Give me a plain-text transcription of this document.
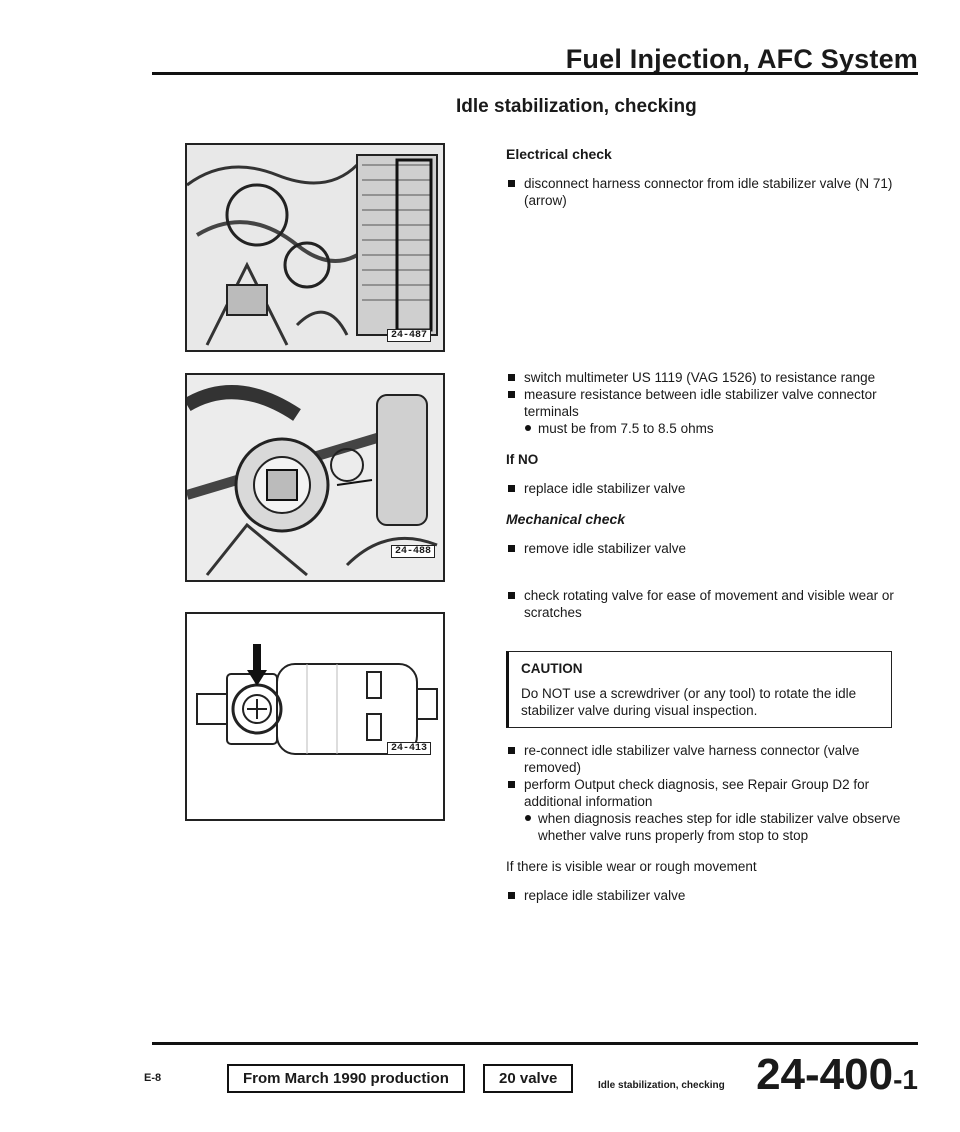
Fuel Injection, AFC System
Idle stabilization, checking
24-487
24-488
24-413

Electrical check

disconnect harness connector from idle stabilizer valve (N 71) (arrow)

switch multimeter US 1119 (VAG 1526) to resistance range

measure resistance between idle stabilizer valve connector terminals

must be from 7.5 to 8.5 ohms

If NO

replace idle stabilizer valve

Mechanical check

remove idle stabilizer valve

check rotating valve for ease of movement and visible wear or scratches

CAUTION
Do NOT use a screwdriver (or any tool) to rotate the idle stabilizer valve during visual inspection.

re-connect idle stabilizer valve harness connector (valve removed)

perform Output check diagnosis, see Repair Group D2 for additional information

when diagnosis reaches step for idle stabilizer valve observe whether valve runs properly from stop to stop

If there is visible wear or rough movement

replace idle stabilizer valve

E-8	From March 1990 production	20 valve	Idle stabilization, checking 24-400-1
